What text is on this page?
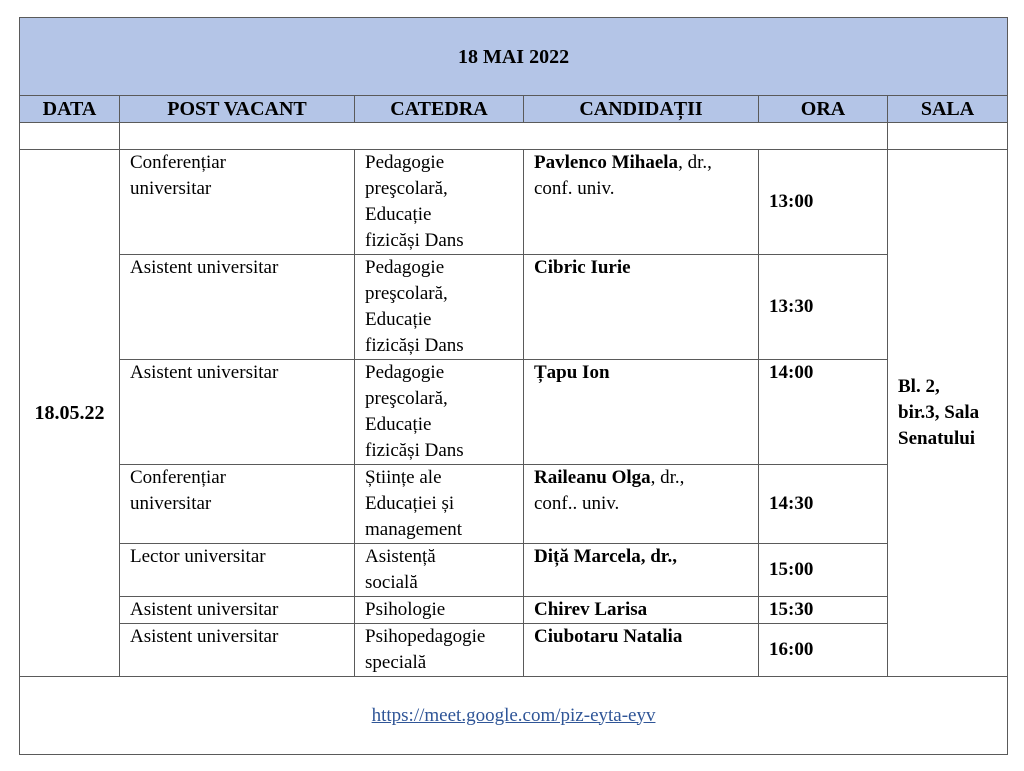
18 MAI 2022					
DATA	POST VACANT	CATEDRA	CANDIDAȚII	ORA	SALA

18.05.22	Conferențiar
universitar	Pedagogie
preşcolară,
Educație
fizicăși Dans	Pavlenco Mihaela, dr.,
conf. univ.	13:00	Bl. 2,
bir.3, Sala
Senatului

	Asistent universitar	Pedagogie
preşcolară,
Educație
fizicăși Dans	Cibric Iurie	13:30	

	Asistent universitar	Pedagogie
preşcolară,
Educație
fizicăși Dans	Țapu Ion	14:00	

	Conferențiar
universitar	Științe ale
Educației și
management	Raileanu Olga, dr.,
conf.. univ.	14:30	

	Lector universitar	Asistență
socială	Diță Marcela, dr.,	15:00	

	Asistent universitar	Psihologie	Chirev Larisa	15:30	

	Asistent universitar	Psihopedagogie
specială	Ciubotaru Natalia	16:00	
https://meet.google.com/piz-eyta-eyv					
